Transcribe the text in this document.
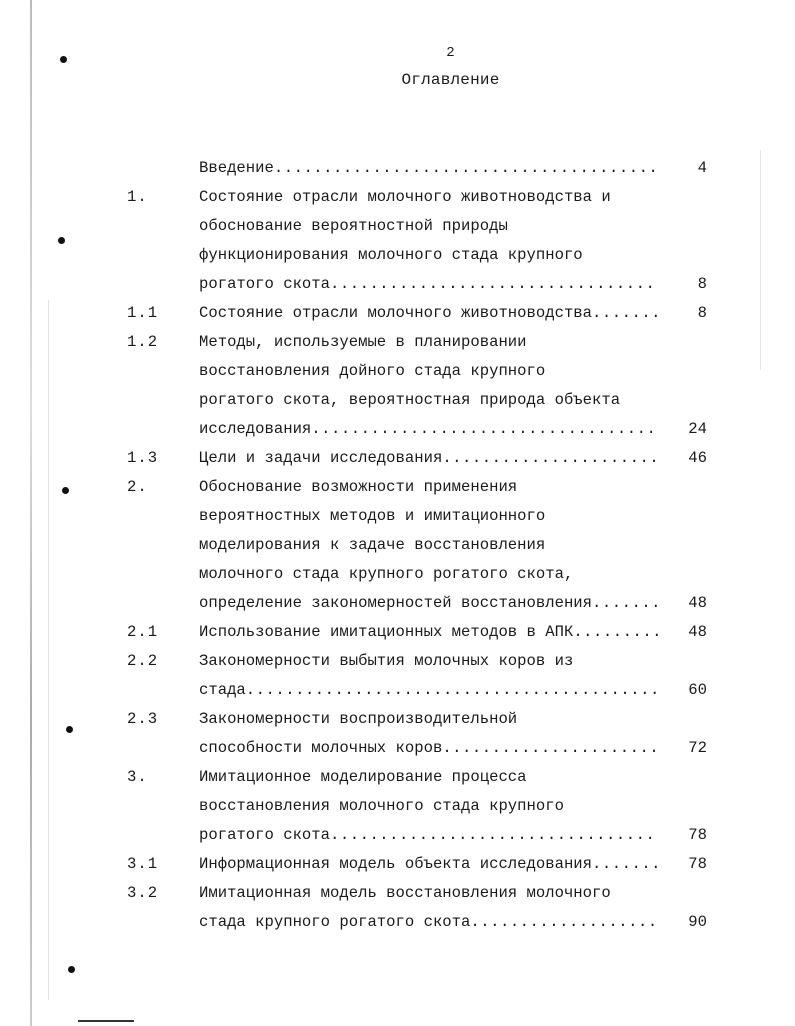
2
Оглавление
Введение .....	4
1.	Состояние отрасли молочного животноводства и
обоснование вероятностной природы
функционирования молочного стада крупного
рогатого скота .....	8
1.1	Состояние отрасли молочного животноводства .....	8
1.2	Методы, используемые в планировании
восстановления дойного стада крупного
рогатого скота, вероятностная природа объекта
исследования .....	24
1.3	Цели и задачи исследования .....	46
2.	Обоснование возможности применения
вероятностных методов и имитационного
моделирования к задаче восстановления
молочного стада крупного рогатого скота,
определение закономерностей восстановления .....	48
2.1	Использование имитационных методов в АПК .....	48
2.2	Закономерности выбытия молочных коров из
стада .....	60
2.3	Закономерности воспроизводительной
способности молочных коров .....	72
3.	Имитационное моделирование процесса
восстановления молочного стада крупного
рогатого скота .....	78
3.1	Информационная модель объекта исследования .....	78
3.2	Имитационная модель восстановления молочного
стада крупного рогатого скота .....	90
